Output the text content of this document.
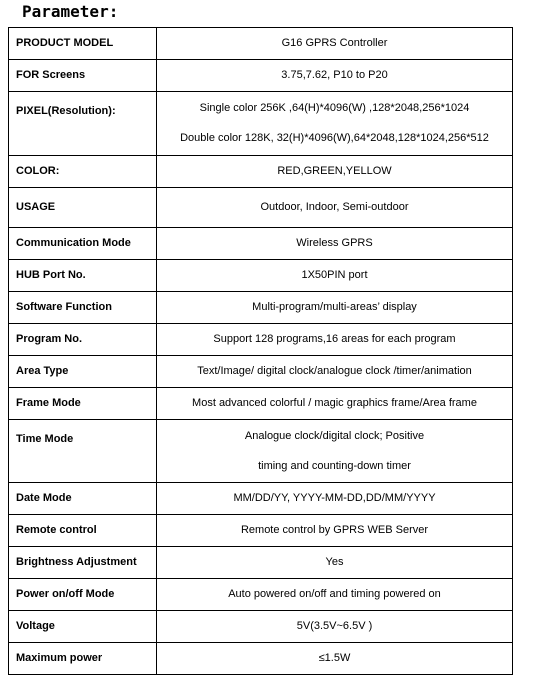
Parameter:
PRODUCT MODEL	G16 GPRS Controller
FOR Screens	3.75,7.62, P10 to P20
PIXEL(Resolution):	Single color 256K ,64(H)*4096(W) ,128*2048,256*1024
Double color 128K, 32(H)*4096(W),64*2048,128*1024,256*512

COLOR:	RED,GREEN,YELLOW
USAGE	Outdoor, Indoor, Semi-outdoor
Communication Mode	Wireless GPRS
HUB Port No.	1X50PIN port
Software Function	Multi-program/multi-areas’ display
Program No.	Support 128 programs,16 areas for each program
Area Type	Text/Image/ digital clock/analogue clock /timer/animation
Frame Mode	Most advanced colorful / magic graphics frame/Area frame
Time Mode	Analogue clock/digital clock; Positive
timing and counting-down timer

Date Mode	MM/DD/YY, YYYY-MM-DD,DD/MM/YYYY
Remote control	Remote control by GPRS WEB Server
Brightness Adjustment	Yes
Power on/off Mode	Auto powered on/off and timing powered on
Voltage	5V(3.5V~6.5V )
Maximum power	≤1.5W
